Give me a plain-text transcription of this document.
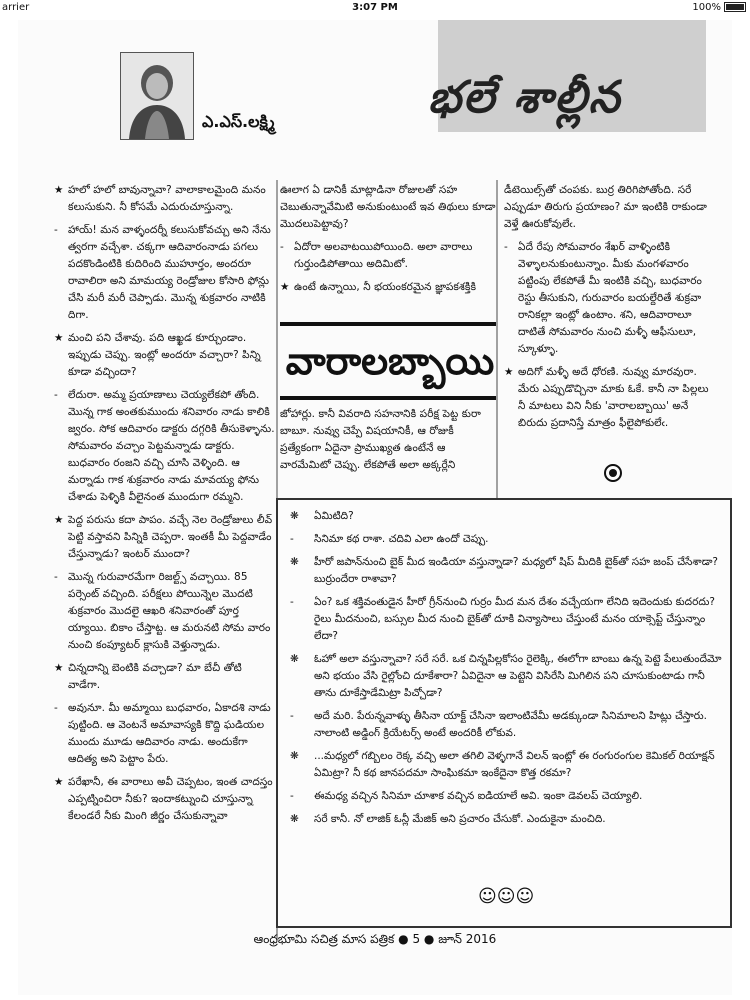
arrier	3:07 PM	100%
ఎ.ఎస్.లక్ష్మి	భలే శాల్లీన

★ హలో హలో బావున్నావా? వాలాకాలమైంది మనం కలుసుకుని. నీ కోసమే ఎదురుచూస్తున్నా.

- హాయ్! మన వాళ్ళందర్నీ కలుసుకోవచ్చు అని నేను త్వరగా వచ్చేశా. చక్కగా ఆదివారంనాడు పగలు పదకొండింటికి కుదిరింది ముహూర్తం, అందరూ రావాలిరా అని మామయ్య రెండ్రోజుల కోసారి ఫోన్లు చేసి మరీ మరీ చెప్పాడు. మొన్న శుక్రవారం నాటికి దిగా.

★ మంచి పని చేశావు. పది ఆఖ్ఖడ కూర్చుండాం. ఇప్పుడు చెప్పు. ఇంట్లో అందరూ వచ్చారా? పిన్ని కూడా వచ్చిందా?

- లేదురా. అమ్మ ప్రయాణాలు చెయ్యలేకపో తోంది. మొన్న గాక అంతకుముందు శనివారం నాడు కాలికి జ్వరం. సోక ఆదివారం డాక్టరు దగ్గరికి తీసుకెళ్ళాను. సోమవారం వచ్చాం పెట్టమన్నాడు డాక్టరు. బుధవారం రంజని వచ్చి చూసి వెళ్ళింది. ఆ మర్నాడు గాక శుక్రవారం నాడు మావయ్య ఫోను చేశాడు పెళ్ళికి వీలైనంత ముందుగా రమ్మని.

★ పెద్ద పరుసు కదా పాపం. వచ్చే నెల రెండ్రోజులు లీవ్ పెట్టి వస్తావని పిన్నికి చెప్పరా. ఇంతకీ మీ పెద్దవాడేం చేస్తున్నాడు? ఇంటర్ ముందా?

- మొన్న గురువారమేగా రిజల్ట్స్ వచ్చాయి. 85 పర్సెంట్ వచ్చింది. పరీక్షలు పోయిన్నెల మొదటి శుక్రవారం మొదలై ఆఖరి శనివారంతో పూర్త య్యాయి. బికాం చేస్తాట్ట. ఆ మరునటి సోమ వారం నుంచి కంప్యూటర్ క్లాసుకి వెళ్తున్నాడు.

★ చిన్నదాన్ని బెంటికి వచ్చాడా? మా బేచీ తోటి వాడేగా.

- అవునూ. మీ అమ్మాయి బుధవారం, ఏకాదశి నాడు పుట్టింది. ఆ వెంటనే అమావాస్యకి కొద్ది ఘడియల ముందు మూడు ఆదివారం నాడు. అందుకేగా ఆదిత్య అని పెట్టాం పేరు.

★ పరేఖానీ, ఈ వారాలు అవీ చెప్పటం, ఇంత చాదస్తం ఎప్పట్నించిరా నీకు? ఇందాకట్నుంచి చూస్తున్నా కేలండరే నీకు మింగి జీర్ణం చేసుకున్నావా

ఊలాగ ఏ డానికీ మాట్లాడినా రోజులతో సహ చెబుతున్నావేమిటి అనుకుంటుంటే ఇవ తిథులు కూడా మొదలుపెట్టావు?

- ఏదోరా అలవాటయిపోయింది. అలా వారాలు గుర్తుండిపోతాయి అదిమిటో.

★ ఉంటే ఉన్నాయి, నీ భయంకరమైన జ్ఞాపకశక్తికి

వారాలబ్బాయి

జోహార్లు. కానీ వివరాది సహనానికి పరీక్ష పెట్ట కురా బాబూ. నువ్వు చెప్పే విషయానికీ, ఆ రోజుకీ ప్రత్యేకంగా ఏదైనా ప్రాముఖ్యత ఉంటేనే ఆ వారమేమిటో చెప్పు. లేకపోతే అలా అక్కర్లేని

డీటెయిల్స్‌తో చంపకు. బుర్ర తిరిగిపోతోంది. సరే ఎప్పుడూ తిరుగు ప్రయాణం? మా ఇంటికి రాకుండా వెళ్తే ఊరుకోవులేఁ.

- ఏదే రేపు సోమవారం శేఖర్ వాళ్ళింటికి వెళ్ళాలనుకుంటున్నాం. మీకు మంగళవారం పట్టింపు లేకపోతే మీ ఇంటికి వచ్చి, బుధవారం రెస్టు తీసుకుని, గురువారం బయల్దేరితే శుక్రవా రానికల్లా ఇంట్లో ఉంటాం. శని, ఆదివారాలూ దాటితే సోమవారం నుంచి మళ్ళీ ఆఫీసులూ, స్కూళ్ళూ.

★ అదిగో మళ్ళీ అదే ధోరణి. నువ్వు మారవురా. మేరు ఎప్పుడొచ్చినా మాకు ఓకే. కానీ నా పిల్లలు నీ మాటలు విని నీకు 'వారాలబ్బాయి' అనే బిరుదు ప్రదానిస్తే మాత్రం ఫీలైపోకులేఁ.

❋ ఏమిటిది?

- సినిమా కథ రాశా. చదివి ఎలా ఉందో చెప్పు.

❋ హీరో జపాన్‌నుంచి బైక్ మీద ఇండియా వస్తున్నాడా? మధ్యలో షిప్ మీదికి బైక్‌తో సహ జంప్ చేసేశాడా? బుర్రుందేరా రాశావా?

- ఏం? ఒక శక్తివంతుడైన హీరో గ్రీన్‌నుంచి గుర్రం మీద మన దేశం వచ్చేయగా లేనిది ఇదెందుకు కుదరదు? రైలు మీదనుంచి, బస్సుల మీద నుంచి బైక్‌తో దూకి విన్యాసాలు చేస్తుంటే మనం యాక్సెప్ట్ చేస్తున్నాం లేదా?

❋ ఓహో అలా వస్తున్నావా? సరే సరే. ఒక చిన్నపిల్లకోసం రైలెక్కి, ఈలోగా బాంబు ఉన్న పెట్టె పేలుతుందేమో అని భయం వేసి రైల్లోంచి దూకేశారా? ఏవిదైనా ఆ పెట్టెని విసిరేసి మిగిలిన పని చూసుకుంటాడు గానీ తాను దూకేస్తాడేమిట్రా పిచ్చోడా?

- అదే మరి. పేరున్నవాళ్ళు తీసినా యాక్ట్ చేసినా ఇలాంటివేమీ అడక్కుండా సినిమాలని హిట్లు చేస్తారు. నాలాంటి అడ్డింగ్ క్రియేటర్స్ అంటే అందరికీ లోకువ.

❋ ...మధ్యలో గబ్బిలం రెక్క వచ్చి అలా తగిలి వెళ్ళగానే విలన్ ఇంట్లో ఈ రంగురంగుల కెమికల్ రియాక్షన్ ఏమిట్రా? నీ కథ జానపదమా సాంఘికమా ఇంకేదైనా కొత్త రకమా?

- ఈమధ్య వచ్చిన సినిమా చూశాక వచ్చిన ఐడియాలే అవి. ఇంకా డెవలప్ చెయ్యాలి.

❋ సరే కానీ. నో లాజిక్ ఓన్లీ మేజిక్ అని ప్రచారం చేసుకో. ఎందుకైనా మంచిది.

☺☺☺
ఆంధ్రభూమి సచిత్ర మాస పత్రిక ● 5 ● జూన్ 2016
